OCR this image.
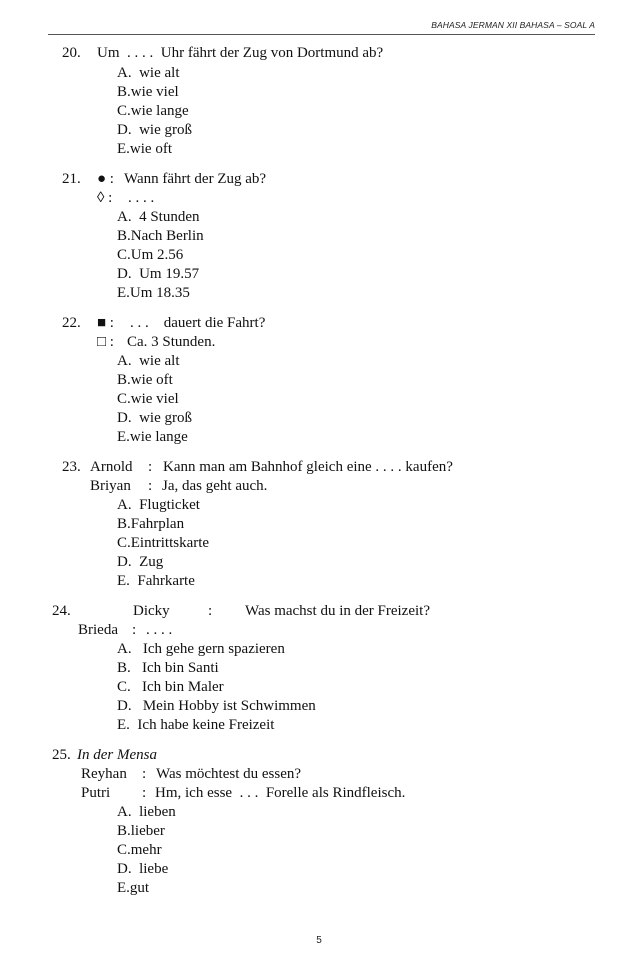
BAHASA JERMAN XII BAHASA – SOAL A
20. Um  . . . .  Uhr fährt der Zug von Dortmund ab?
A.  wie alt
B.wie viel
C.wie lange
D.  wie groß
E.wie oft
21. ● : Wann fährt der Zug ab?
◊ : . . . .
A.  4 Stunden
B.Nach Berlin
C.Um 2.56
D.  Um 19.57
E.Um 18.35
22. ■ : . . .    dauert die Fahrt?
□ : Ca. 3 Stunden.
A.  wie alt
B.wie oft
C.wie viel
D.  wie groß
E.wie lange
23. Arnold : Kann man am Bahnhof gleich eine . . . . kaufen?
Briyan : Ja, das geht auch.
A.  Flugticket
B.Fahrplan
C.Eintrittskarte
D.  Zug
E.  Fahrkarte
24.	Dicky	: Was machst du in der Freizeit?
Brieda : . . . .
A.   Ich gehe gern spazieren
B.   Ich bin Santi
C.   Ich bin Maler
D.   Mein Hobby ist Schwimmen
E.  Ich habe keine Freizeit
25. In der Mensa
Reyhan : Was möchtest du essen?
Putri : Hm, ich esse  . . .  Forelle als Rindfleisch.
A.  lieben
B.lieber
C.mehr
D.  liebe
E.gut
5
